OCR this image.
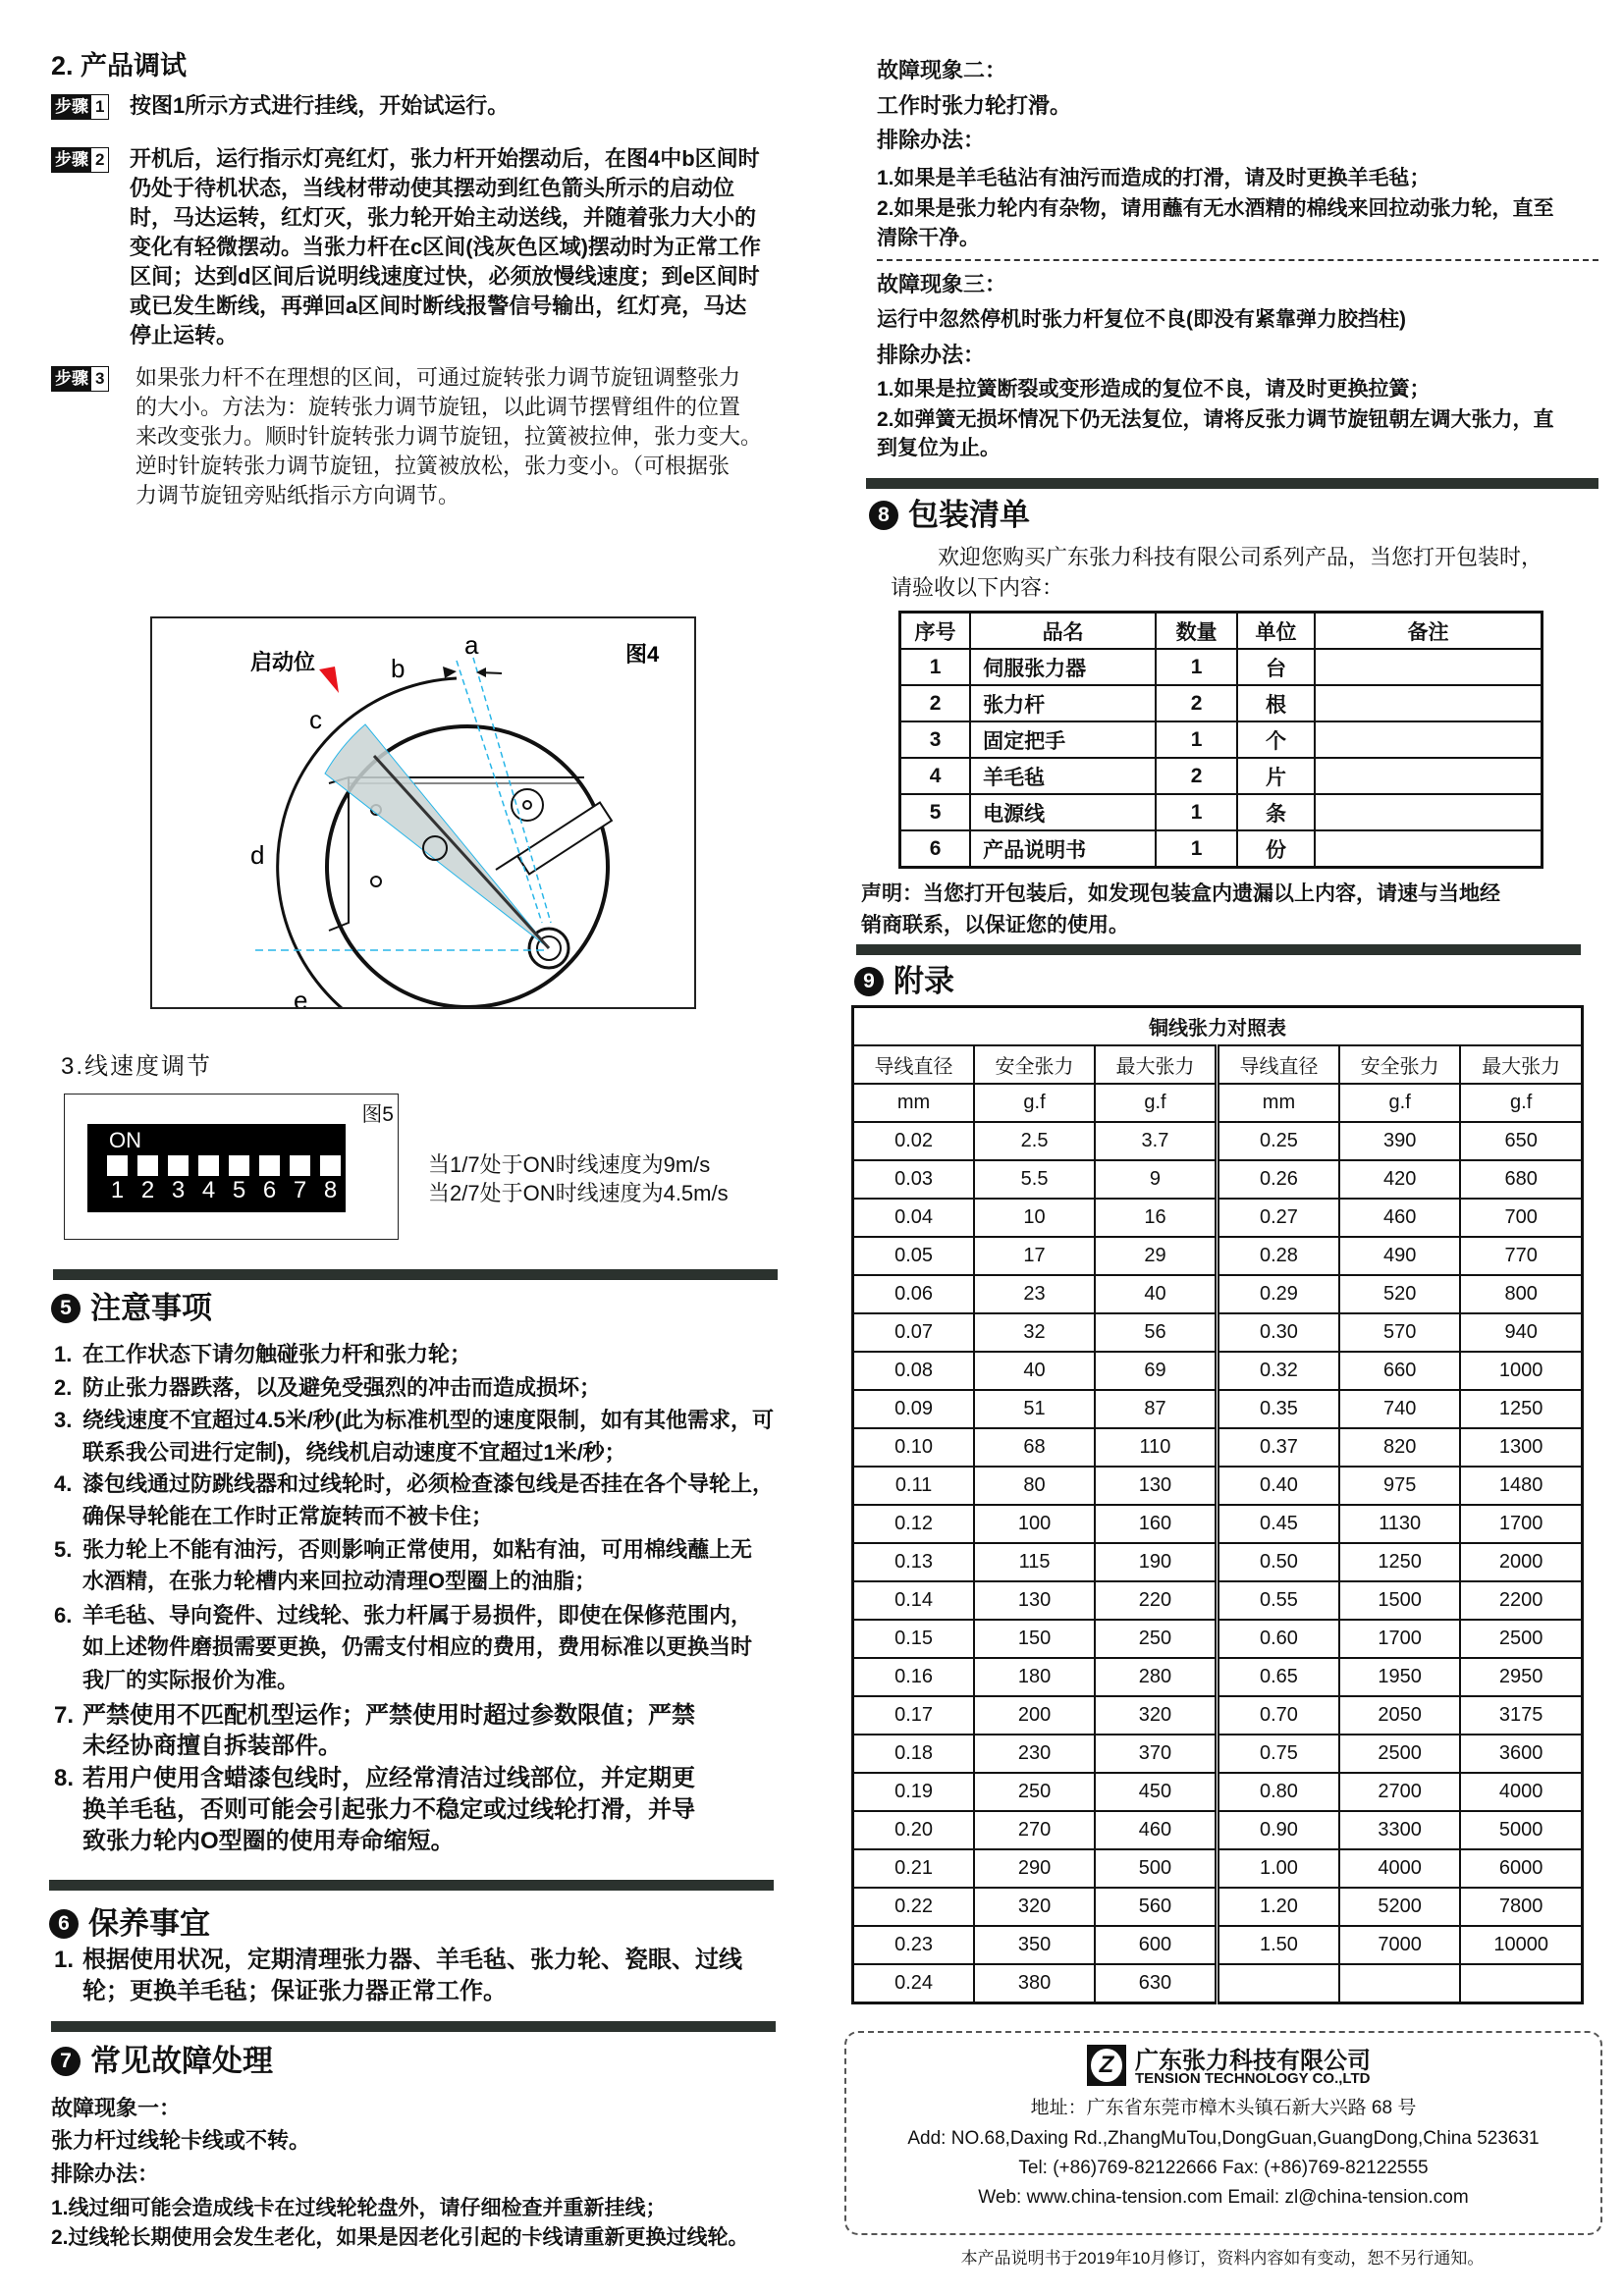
2. 产品调试
步骤 1 按图1所示方式进行挂线，开始试运行。
步骤 2 开机后，运行指示灯亮红灯，张力杆开始摆动后，在图4中b区间时
仍处于待机状态，当线材带动使其摆动到红色箭头所示的启动位
时，马达运转，红灯灭，张力轮开始主动送线，并随着张力大小的
变化有轻微摆动。当张力杆在c区间(浅灰色区域)摆动时为正常工作
区间；达到d区间后说明线速度过快，必须放慢线速度；到e区间时
或已发生断线，再弹回a区间时断线报警信号输出，红灯亮，马达
停止运转。
步骤 3 如果张力杆不在理想的区间，可通过旋转张力调节旋钮调整张力
的大小。方法为：旋转张力调节旋钮，以此调节摆臂组件的位置
来改变张力。顺时针旋转张力调节旋钮，拉簧被拉伸，张力变大。
逆时针旋转张力调节旋钮，拉簧被放松，张力变小。（可根据张
力调节旋钮旁贴纸指示方向调节。
启动位
a
b
c
d
e
图4
3.线速度调节
图5
ON
1 2 3 4 5 6 7 8
当1/7处于ON时线速度为9m/s
当2/7处于ON时线速度为4.5m/s
5 注意事项
1. 在工作状态下请勿触碰张力杆和张力轮；
2. 防止张力器跌落，以及避免受强烈的冲击而造成损坏；
3. 绕线速度不宜超过4.5米/秒(此为标准机型的速度限制，如有其他需求，可
联系我公司进行定制)，绕线机启动速度不宜超过1米/秒；
4. 漆包线通过防跳线器和过线轮时，必须检查漆包线是否挂在各个导轮上，
确保导轮能在工作时正常旋转而不被卡住；
5. 张力轮上不能有油污，否则影响正常使用，如粘有油，可用棉线蘸上无
水酒精，在张力轮槽内来回拉动清理O型圈上的油脂；
6. 羊毛毡、导向瓷件、过线轮、张力杆属于易损件，即使在保修范围内，
如上述物件磨损需要更换，仍需支付相应的费用，费用标准以更换当时
我厂的实际报价为准。
7. 严禁使用不匹配机型运作；严禁使用时超过参数限值；严禁
未经协商擅自拆装部件。
8. 若用户使用含蜡漆包线时，应经常清洁过线部位，并定期更
换羊毛毡，否则可能会引起张力不稳定或过线轮打滑，并导
致张力轮内O型圈的使用寿命缩短。
6 保养事宜
1. 根据使用状况，定期清理张力器、羊毛毡、张力轮、瓷眼、过线
轮；更换羊毛毡；保证张力器正常工作。
7 常见故障处理
故障现象一：
张力杆过线轮卡线或不转。
排除办法：
1.线过细可能会造成线卡在过线轮轮盘外，请仔细检查并重新挂线；
2.过线轮长期使用会发生老化，如果是因老化引起的卡线请重新更换过线轮。
故障现象二：
工作时张力轮打滑。
排除办法：
1.如果是羊毛毡沾有油污而造成的打滑，请及时更换羊毛毡；
2.如果是张力轮内有杂物，请用蘸有无水酒精的棉线来回拉动张力轮，直至
清除干净。
故障现象三：
运行中忽然停机时张力杆复位不良(即没有紧靠弹力胶挡柱)
排除办法：
1.如果是拉簧断裂或变形造成的复位不良，请及时更换拉簧；
2.如弹簧无损坏情况下仍无法复位，请将反张力调节旋钮朝左调大张力，直
到复位为止。
8 包装清单
欢迎您购买广东张力科技有限公司系列产品，当您打开包装时，
请验收以下内容：
序号	品名	数量	单位	备注
1	伺服张力器	1	台	
2	张力杆	2	根	
3	固定把手	1	个	
4	羊毛毡	2	片	
5	电源线	1	条	
6	产品说明书	1	份	
声明：当您打开包装后，如发现包装盒内遗漏以上内容，请速与当地经
销商联系，以保证您的使用。
9 附录
铜线张力对照表					
导线直径	安全张力	最大张力	导线直径	安全张力	最大张力
mm	g.f	g.f	mm	g.f	g.f
0.02	2.5	3.7	0.25	390	650
0.03	5.5	9	0.26	420	680
0.04	10	16	0.27	460	700
0.05	17	29	0.28	490	770
0.06	23	40	0.29	520	800
0.07	32	56	0.30	570	940
0.08	40	69	0.32	660	1000
0.09	51	87	0.35	740	1250
0.10	68	110	0.37	820	1300
0.11	80	130	0.40	975	1480
0.12	100	160	0.45	1130	1700
0.13	115	190	0.50	1250	2000
0.14	130	220	0.55	1500	2200
0.15	150	250	0.60	1700	2500
0.16	180	280	0.65	1950	2950
0.17	200	320	0.70	2050	3175
0.18	230	370	0.75	2500	3600
0.19	250	450	0.80	2700	4000
0.20	270	460	0.90	3300	5000
0.21	290	500	1.00	4000	6000
0.22	320	560	1.20	5200	7800
0.23	350	600	1.50	7000	10000
0.24	380	630			
Z 广东张力科技有限公司
TENSION TECHNOLOGY CO.,LTD
地址：广东省东莞市樟木头镇石新大兴路 68 号
Add: NO.68,Daxing Rd.,ZhangMuTou,DongGuan,GuangDong,China 523631
Tel: (+86)769-82122666 Fax: (+86)769-82122555
Web: www.china-tension.com Email: zl@china-tension.com
本产品说明书于2019年10月修订，资料内容如有变动，恕不另行通知。
